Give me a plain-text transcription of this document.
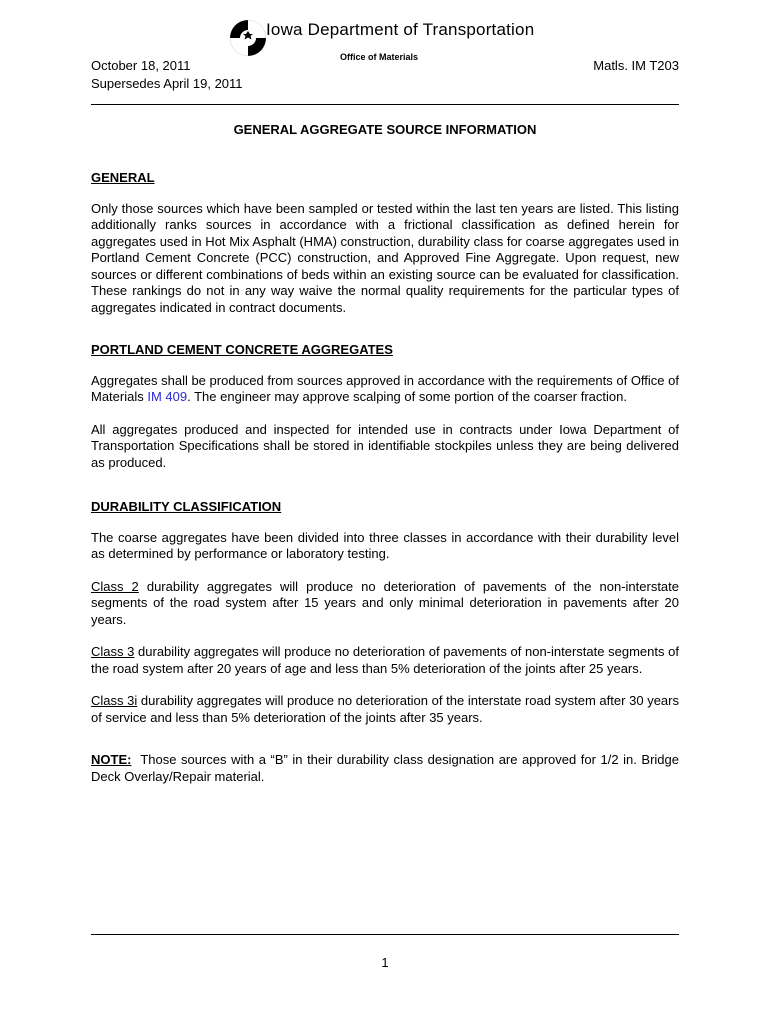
Iowa Department of Transportation
Office of Materials
October 18, 2011
Supersedes April 19, 2011
Matls. IM T203
GENERAL AGGREGATE SOURCE INFORMATION
GENERAL

Only those sources which have been sampled or tested within the last ten years are listed. This listing additionally ranks sources in accordance with a frictional classification as defined herein for aggregates used in Hot Mix Asphalt (HMA) construction, durability class for coarse aggregates used in Portland Cement Concrete (PCC) construction, and Approved Fine Aggregate. Upon request, new sources or different combinations of beds within an existing source can be evaluated for classification. These rankings do not in any way waive the normal quality requirements for the particular types of aggregates indicated in contract documents.

PORTLAND CEMENT CONCRETE AGGREGATES

Aggregates shall be produced from sources approved in accordance with the requirements of Office of Materials IM 409. The engineer may approve scalping of some portion of the coarser fraction.

All aggregates produced and inspected for intended use in contracts under Iowa Department of Transportation Specifications shall be stored in identifiable stockpiles unless they are being delivered as produced.

DURABILITY CLASSIFICATION

The coarse aggregates have been divided into three classes in accordance with their durability level as determined by performance or laboratory testing.

Class 2 durability aggregates will produce no deterioration of pavements of the non-interstate segments of the road system after 15 years and only minimal deterioration in pavements after 20 years.

Class 3 durability aggregates will produce no deterioration of pavements of non-interstate segments of the road system after 20 years of age and less than 5% deterioration of the joints after 25 years.

Class 3i durability aggregates will produce no deterioration of the interstate road system after 30 years of service and less than 5% deterioration of the joints after 35 years.

NOTE:  Those sources with a “B” in their durability class designation are approved for 1/2 in. Bridge Deck Overlay/Repair material.

1
